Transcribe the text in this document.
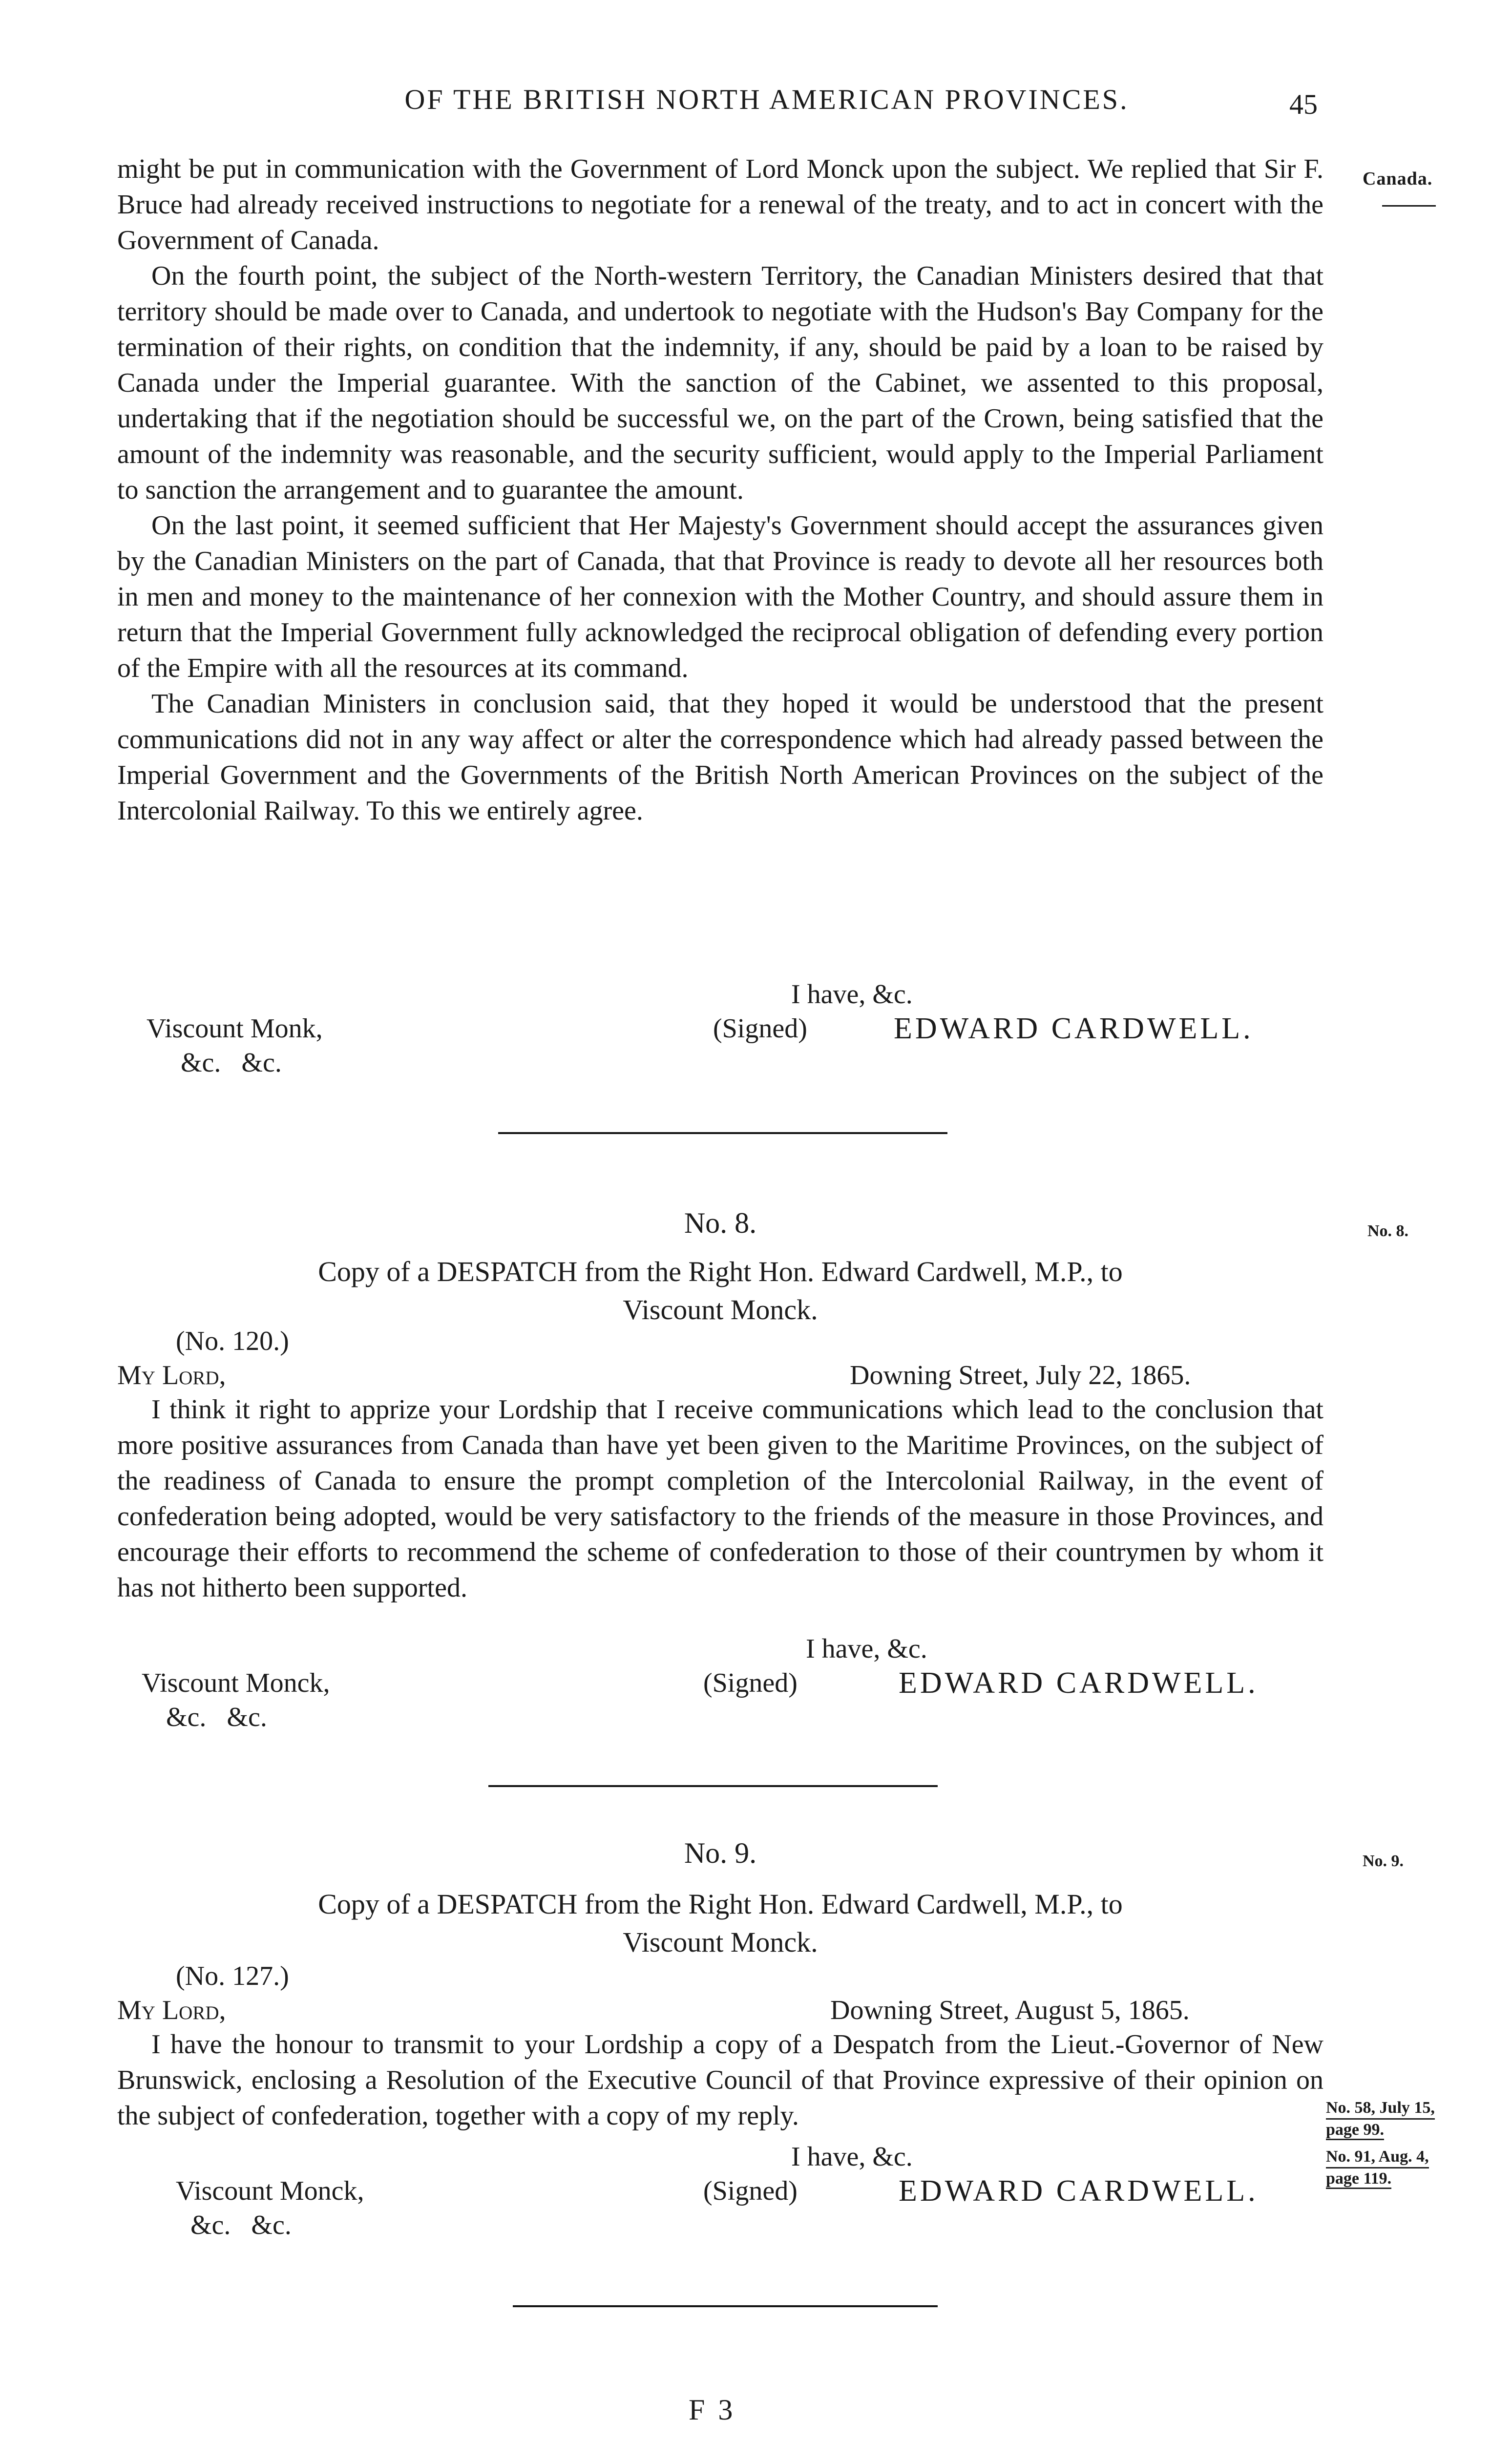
OF THE BRITISH NORTH AMERICAN PROVINCES.	45
Canada.

might be put in communication with the Government of Lord Monck upon the subject. We replied that Sir F. Bruce had already received instructions to negotiate for a renewal of the treaty, and to act in concert with the Government of Canada.

On the fourth point, the subject of the North-western Territory, the Canadian Ministers desired that that territory should be made over to Canada, and undertook to negotiate with the Hudson's Bay Company for the termination of their rights, on condition that the indemnity, if any, should be paid by a loan to be raised by Canada under the Imperial guarantee. With the sanction of the Cabinet, we assented to this proposal, undertaking that if the negotiation should be successful we, on the part of the Crown, being satisfied that the amount of the indemnity was reasonable, and the security sufficient, would apply to the Imperial Parliament to sanction the arrangement and to guarantee the amount.

On the last point, it seemed sufficient that Her Majesty's Government should accept the assurances given by the Canadian Ministers on the part of Canada, that that Province is ready to devote all her resources both in men and money to the maintenance of her connexion with the Mother Country, and should assure them in return that the Imperial Government fully acknowledged the reciprocal obligation of defending every portion of the Empire with all the resources at its command.

The Canadian Ministers in conclusion said, that they hoped it would be understood that the present communications did not in any way affect or alter the correspondence which had already passed between the Imperial Government and the Governments of the British North American Provinces on the subject of the Intercolonial Railway. To this we entirely agree.

I have, &c.
(Signed)	EDWARD CARDWELL.
Viscount Monk,
&c.   &c.
No. 8.	No. 8.
Copy of a DESPATCH from the Right Hon. Edward Cardwell, M.P., to
Viscount Monck.
(No. 120.)
My Lord,	Downing Street, July 22, 1865.

I think it right to apprize your Lordship that I receive communications which lead to the conclusion that more positive assurances from Canada than have yet been given to the Maritime Provinces, on the subject of the readiness of Canada to ensure the prompt completion of the Intercolonial Railway, in the event of confederation being adopted, would be very satisfactory to the friends of the measure in those Provinces, and encourage their efforts to recommend the scheme of confederation to those of their countrymen by whom it has not hitherto been supported.

I have, &c.
(Signed)	EDWARD CARDWELL.
Viscount Monck,
&c.   &c.
No. 9.	No. 9.
Copy of a DESPATCH from the Right Hon. Edward Cardwell, M.P., to
Viscount Monck.
(No. 127.)
My Lord,	Downing Street, August 5, 1865.

I have the honour to transmit to your Lordship a copy of a Despatch from the Lieut.-Governor of New Brunswick, enclosing a Resolution of the Executive Council of that Province expressive of their opinion on the subject of confederation, together with a copy of my reply.	No. 58, July 15,
page 99.
No. 91, Aug. 4,
page 119.
I have, &c.
(Signed)	EDWARD CARDWELL.
Viscount Monck,
&c.   &c.
F 3
